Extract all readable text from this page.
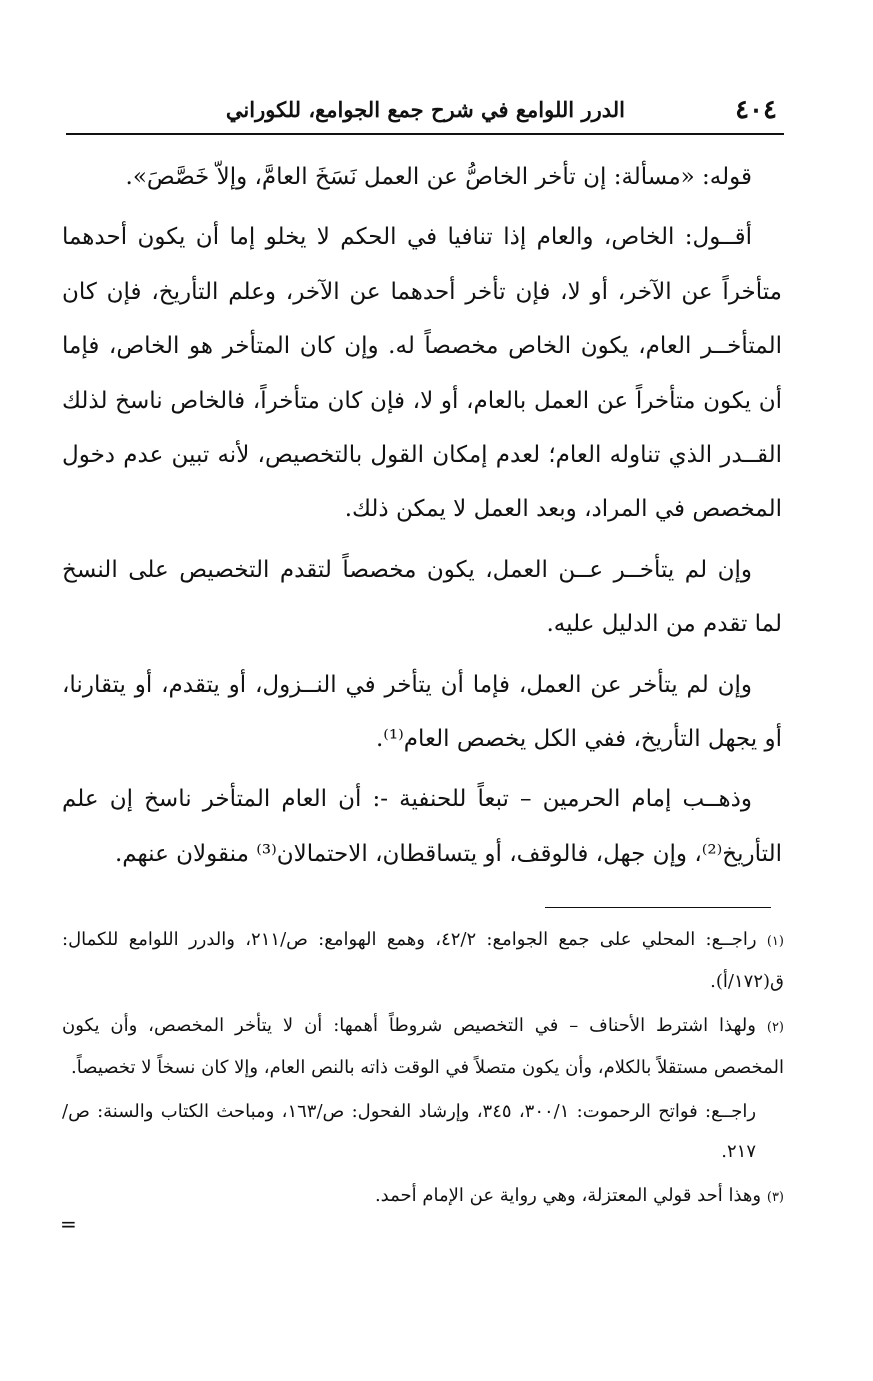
٤٠٤
الدرر اللوامع في شرح جمع الجوامع، للكوراني

قوله: «مسألة: إن تأخر الخاصُّ عن العمل نَسَخَ العامَّ، وإلاّ خَصَّصَ».

أقــول: الخاص، والعام إذا تنافيا في الحكم لا يخلو إما أن يكون أحدهما متأخراً عن الآخر، أو لا، فإن تأخر أحدهما عن الآخر، وعلم التأريخ، فإن كان المتأخــر العام، يكون الخاص مخصصاً له. وإن كان المتأخر هو الخاص، فإما أن يكون متأخراً عن العمل بالعام، أو لا، فإن كان متأخراً، فالخاص ناسخ لذلك القــدر الذي تناوله العام؛ لعدم إمكان القول بالتخصيص، لأنه تبين عدم دخول المخصص في المراد، وبعد العمل لا يمكن ذلك.

وإن لم يتأخــر عــن العمل، يكون مخصصاً لتقدم التخصيص على النسخ لما تقدم من الدليل عليه.

وإن لم يتأخر عن العمل، فإما أن يتأخر في النــزول، أو يتقدم، أو يتقارنا، أو يجهل التأريخ، ففي الكل يخصص العام⁽¹⁾.

وذهــب إمام الحرمين – تبعاً للحنفية -: أن العام المتأخر ناسخ إن علم التأريخ⁽²⁾، وإن جهل، فالوقف، أو يتساقطان، الاحتمالان⁽³⁾ منقولان عنهم.

(١) راجــع: المحلي على جمع الجوامع: ٤٢/٢، وهمع الهوامع: ص/٢١١، والدرر اللوامع للكمال: ق(١٧٢/أ).

(٢) ولهذا اشترط الأحناف – في التخصيص شروطاً أهمها: أن لا يتأخر المخصص، وأن يكون المخصص مستقلاً بالكلام، وأن يكون متصلاً في الوقت ذاته بالنص العام، وإلا كان نسخاً لا تخصيصاً.

راجــع: فواتح الرحموت: ٣٠٠/١، ٣٤٥، وإرشاد الفحول: ص/١٦٣، ومباحث الكتاب والسنة: ص/٢١٧.

(٣) وهذا أحد قولي المعتزلة، وهي رواية عن الإمام أحمد.

=
